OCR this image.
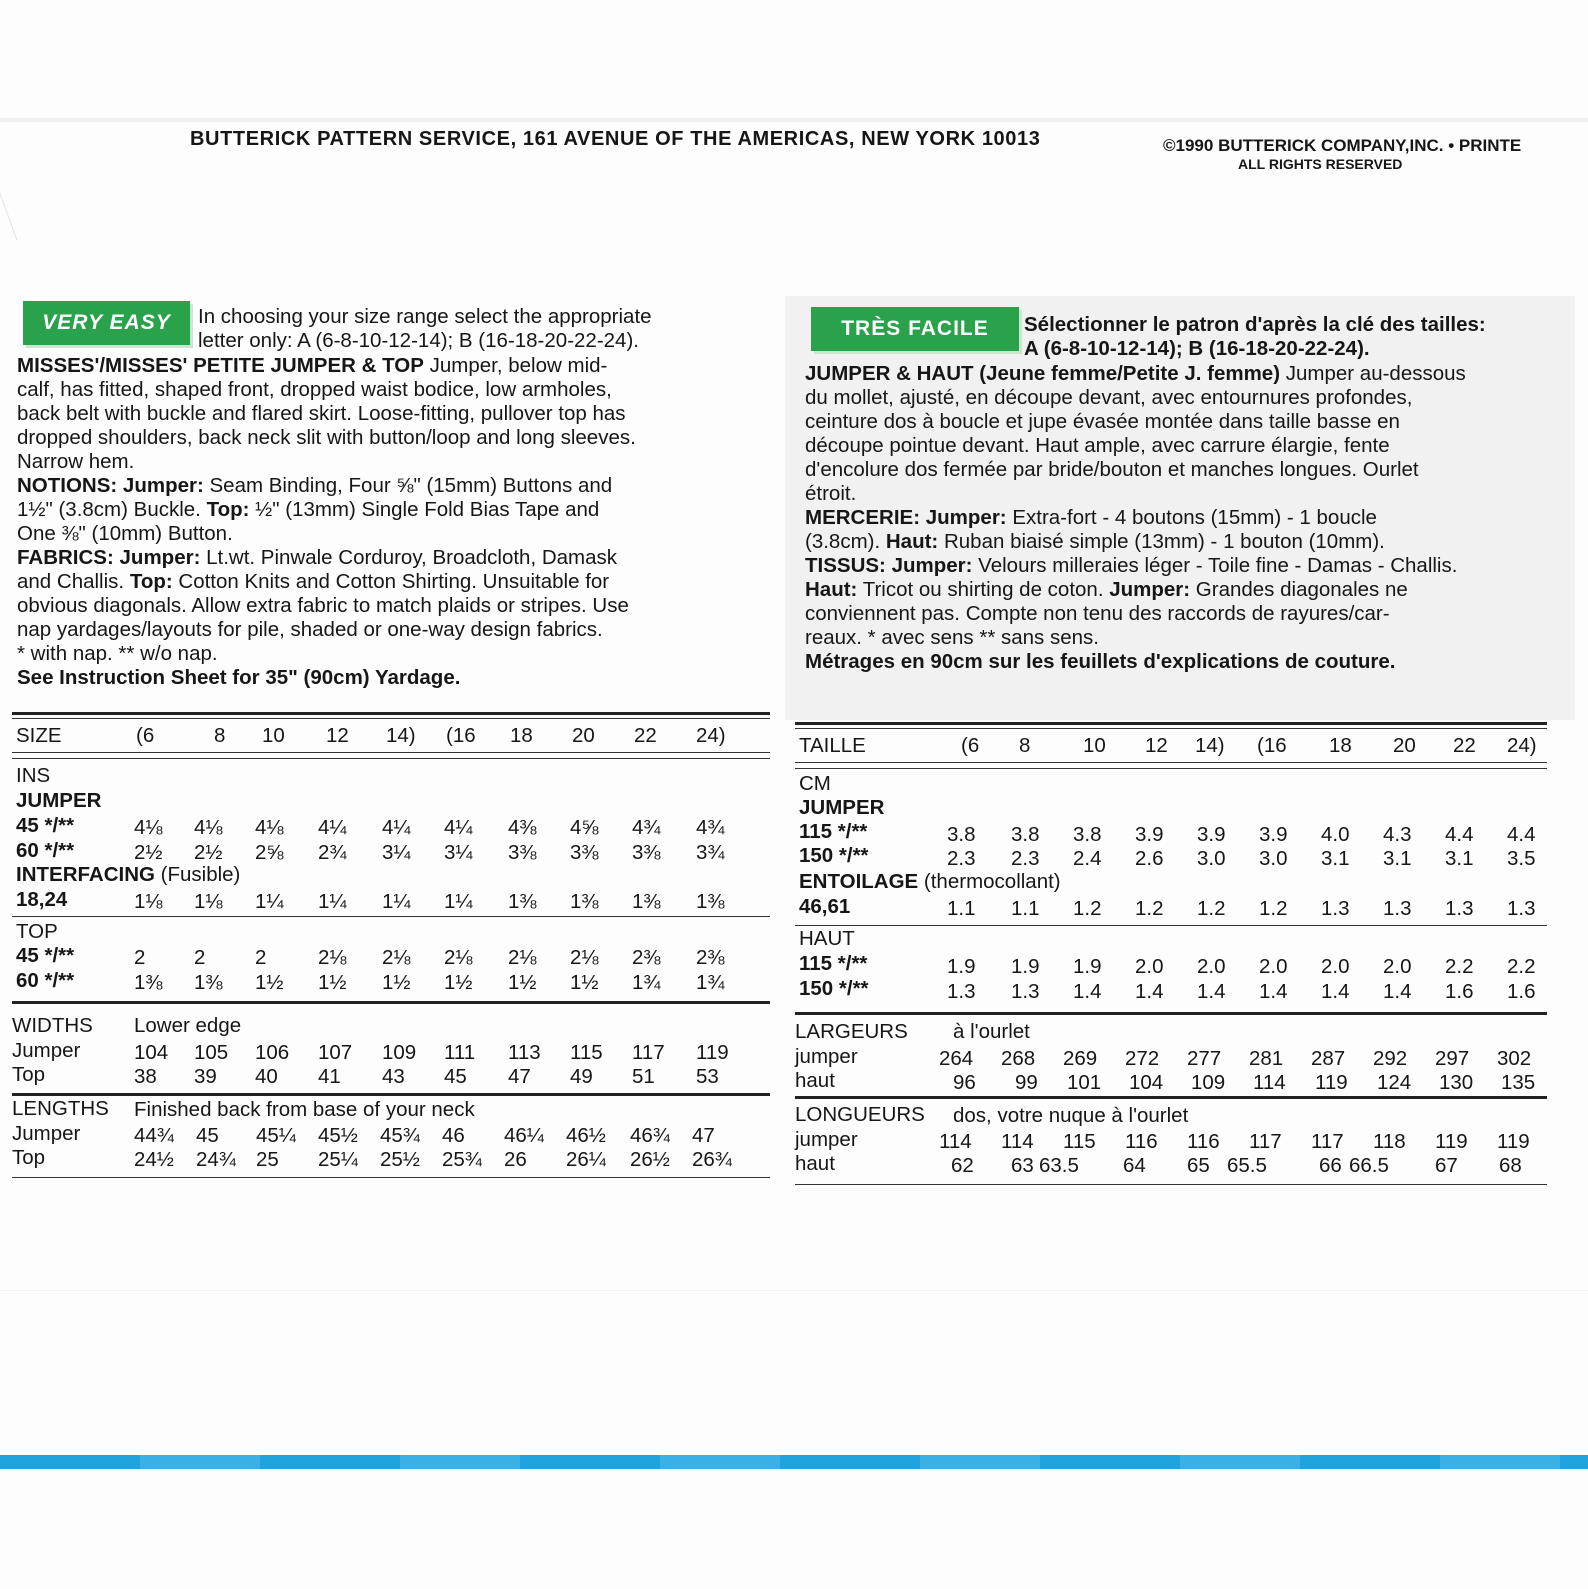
BUTTERICK PATTERN SERVICE, 161 AVENUE OF THE AMERICAS, NEW YORK 10013	©1990 BUTTERICK COMPANY,INC. • PRINTE
ALL RIGHTS RESERVED
VERY EASY	In choosing your size range select the appropriate
letter only: A (6-8-10-12-14); B (16-18-20-22-24).
MISSES'/MISSES' PETITE JUMPER & TOP Jumper, below mid-
calf, has fitted, shaped front, dropped waist bodice, low armholes,
back belt with buckle and flared skirt. Loose-fitting, pullover top has
dropped shoulders, back neck slit with button/loop and long sleeves.
Narrow hem.
NOTIONS: Jumper: Seam Binding, Four ⅝" (15mm) Buttons and
1½" (3.8cm) Buckle. Top: ½" (13mm) Single Fold Bias Tape and
One ⅜" (10mm) Button.
FABRICS: Jumper: Lt.wt. Pinwale Corduroy, Broadcloth, Damask
and Challis. Top: Cotton Knits and Cotton Shirting. Unsuitable for
obvious diagonals. Allow extra fabric to match plaids or stripes. Use
nap yardages/layouts for pile, shaded or one-way design fabrics.
* with nap. ** w/o nap.
See Instruction Sheet for 35" (90cm) Yardage.
TRÈS FACILE	Sélectionner le patron d'après la clé des tailles:
A (6-8-10-12-14); B (16-18-20-22-24).
JUMPER & HAUT (Jeune femme/Petite J. femme) Jumper au-dessous
du mollet, ajusté, en découpe devant, avec entournures profondes,
ceinture dos à boucle et jupe évasée montée dans taille basse en
découpe pointue devant. Haut ample, avec carrure élargie, fente
d'encolure dos fermée par bride/bouton et manches longues. Ourlet
étroit.
MERCERIE: Jumper: Extra-fort - 4 boutons (15mm) - 1 boucle
(3.8cm). Haut: Ruban biaisé simple (13mm) - 1 bouton (10mm).
TISSUS: Jumper: Velours milleraies léger - Toile fine - Damas - Challis.
Haut: Tricot ou shirting de coton. Jumper: Grandes diagonales ne
conviennent pas. Compte non tenu des raccords de rayures/car-
reaux. * avec sens ** sans sens.
Métrages en 90cm sur les feuillets d'explications de couture.
SIZE	(6	8 10 12 14) (16 18 20 22 24)
INS
JUMPER
45 */**	4⅛ 4⅛ 4⅛ 4¼ 4¼ 4¼ 4⅜ 4⅝ 4¾ 4¾
60 */**	2½ 2½ 2⅝ 2¾ 3¼ 3¼ 3⅜ 3⅜ 3⅜ 3¾
INTERFACING (Fusible)
18,24	1⅛ 1⅛ 1¼ 1¼ 1¼ 1¼ 1⅜ 1⅜ 1⅜ 1⅜
TOP
45 */**	2 2 2	2⅛ 2⅛ 2⅛ 2⅛ 2⅛ 2⅜ 2⅜
60 */**	1⅜ 1⅜ 1½ 1½ 1½ 1½ 1½ 1½ 1¾ 1¾
WIDTHS Lower edge
Jumper	104 105 106 107 109 111 113 115 117 119
Top	38 39 40 41 43 45 47 49 51 53
LENGTHS Finished back from base of your neck
Jumper	44¾ 45 45¼ 45½ 45¾ 46 46¼ 46½ 46¾ 47
Top	24½ 24¾ 25 25¼ 25½ 25¾ 26 26¼ 26½ 26¾
TAILLE	(6 8	10 12 14) (16 18 20 22 24)
CM
JUMPER
115 */**	3.8 3.8 3.8 3.9 3.9 3.9 4.0 4.3 4.4 4.4
150 */**	2.3 2.3 2.4 2.6 3.0 3.0 3.1 3.1 3.1 3.5
ENTOILAGE (thermocollant)
46,61	1.1 1.1 1.2 1.2 1.2 1.2 1.3 1.3 1.3 1.3
HAUT
115 */**	1.9 1.9 1.9 2.0 2.0 2.0 2.0 2.0 2.2 2.2
150 */**	1.3 1.3 1.4 1.4 1.4 1.4 1.4 1.4 1.6 1.6
LARGEURS à l'ourlet
jumper	264 268 269 272 277 281 287 292 297 302
haut	96 99 101 104 109 114 119 124 130 135
LONGUEURS dos, votre nuque à l'ourlet
jumper	114 114 115 116 116 117 117 118 119 119
haut	62 63 63.5 64 65 65.5	66 66.5 67 68
